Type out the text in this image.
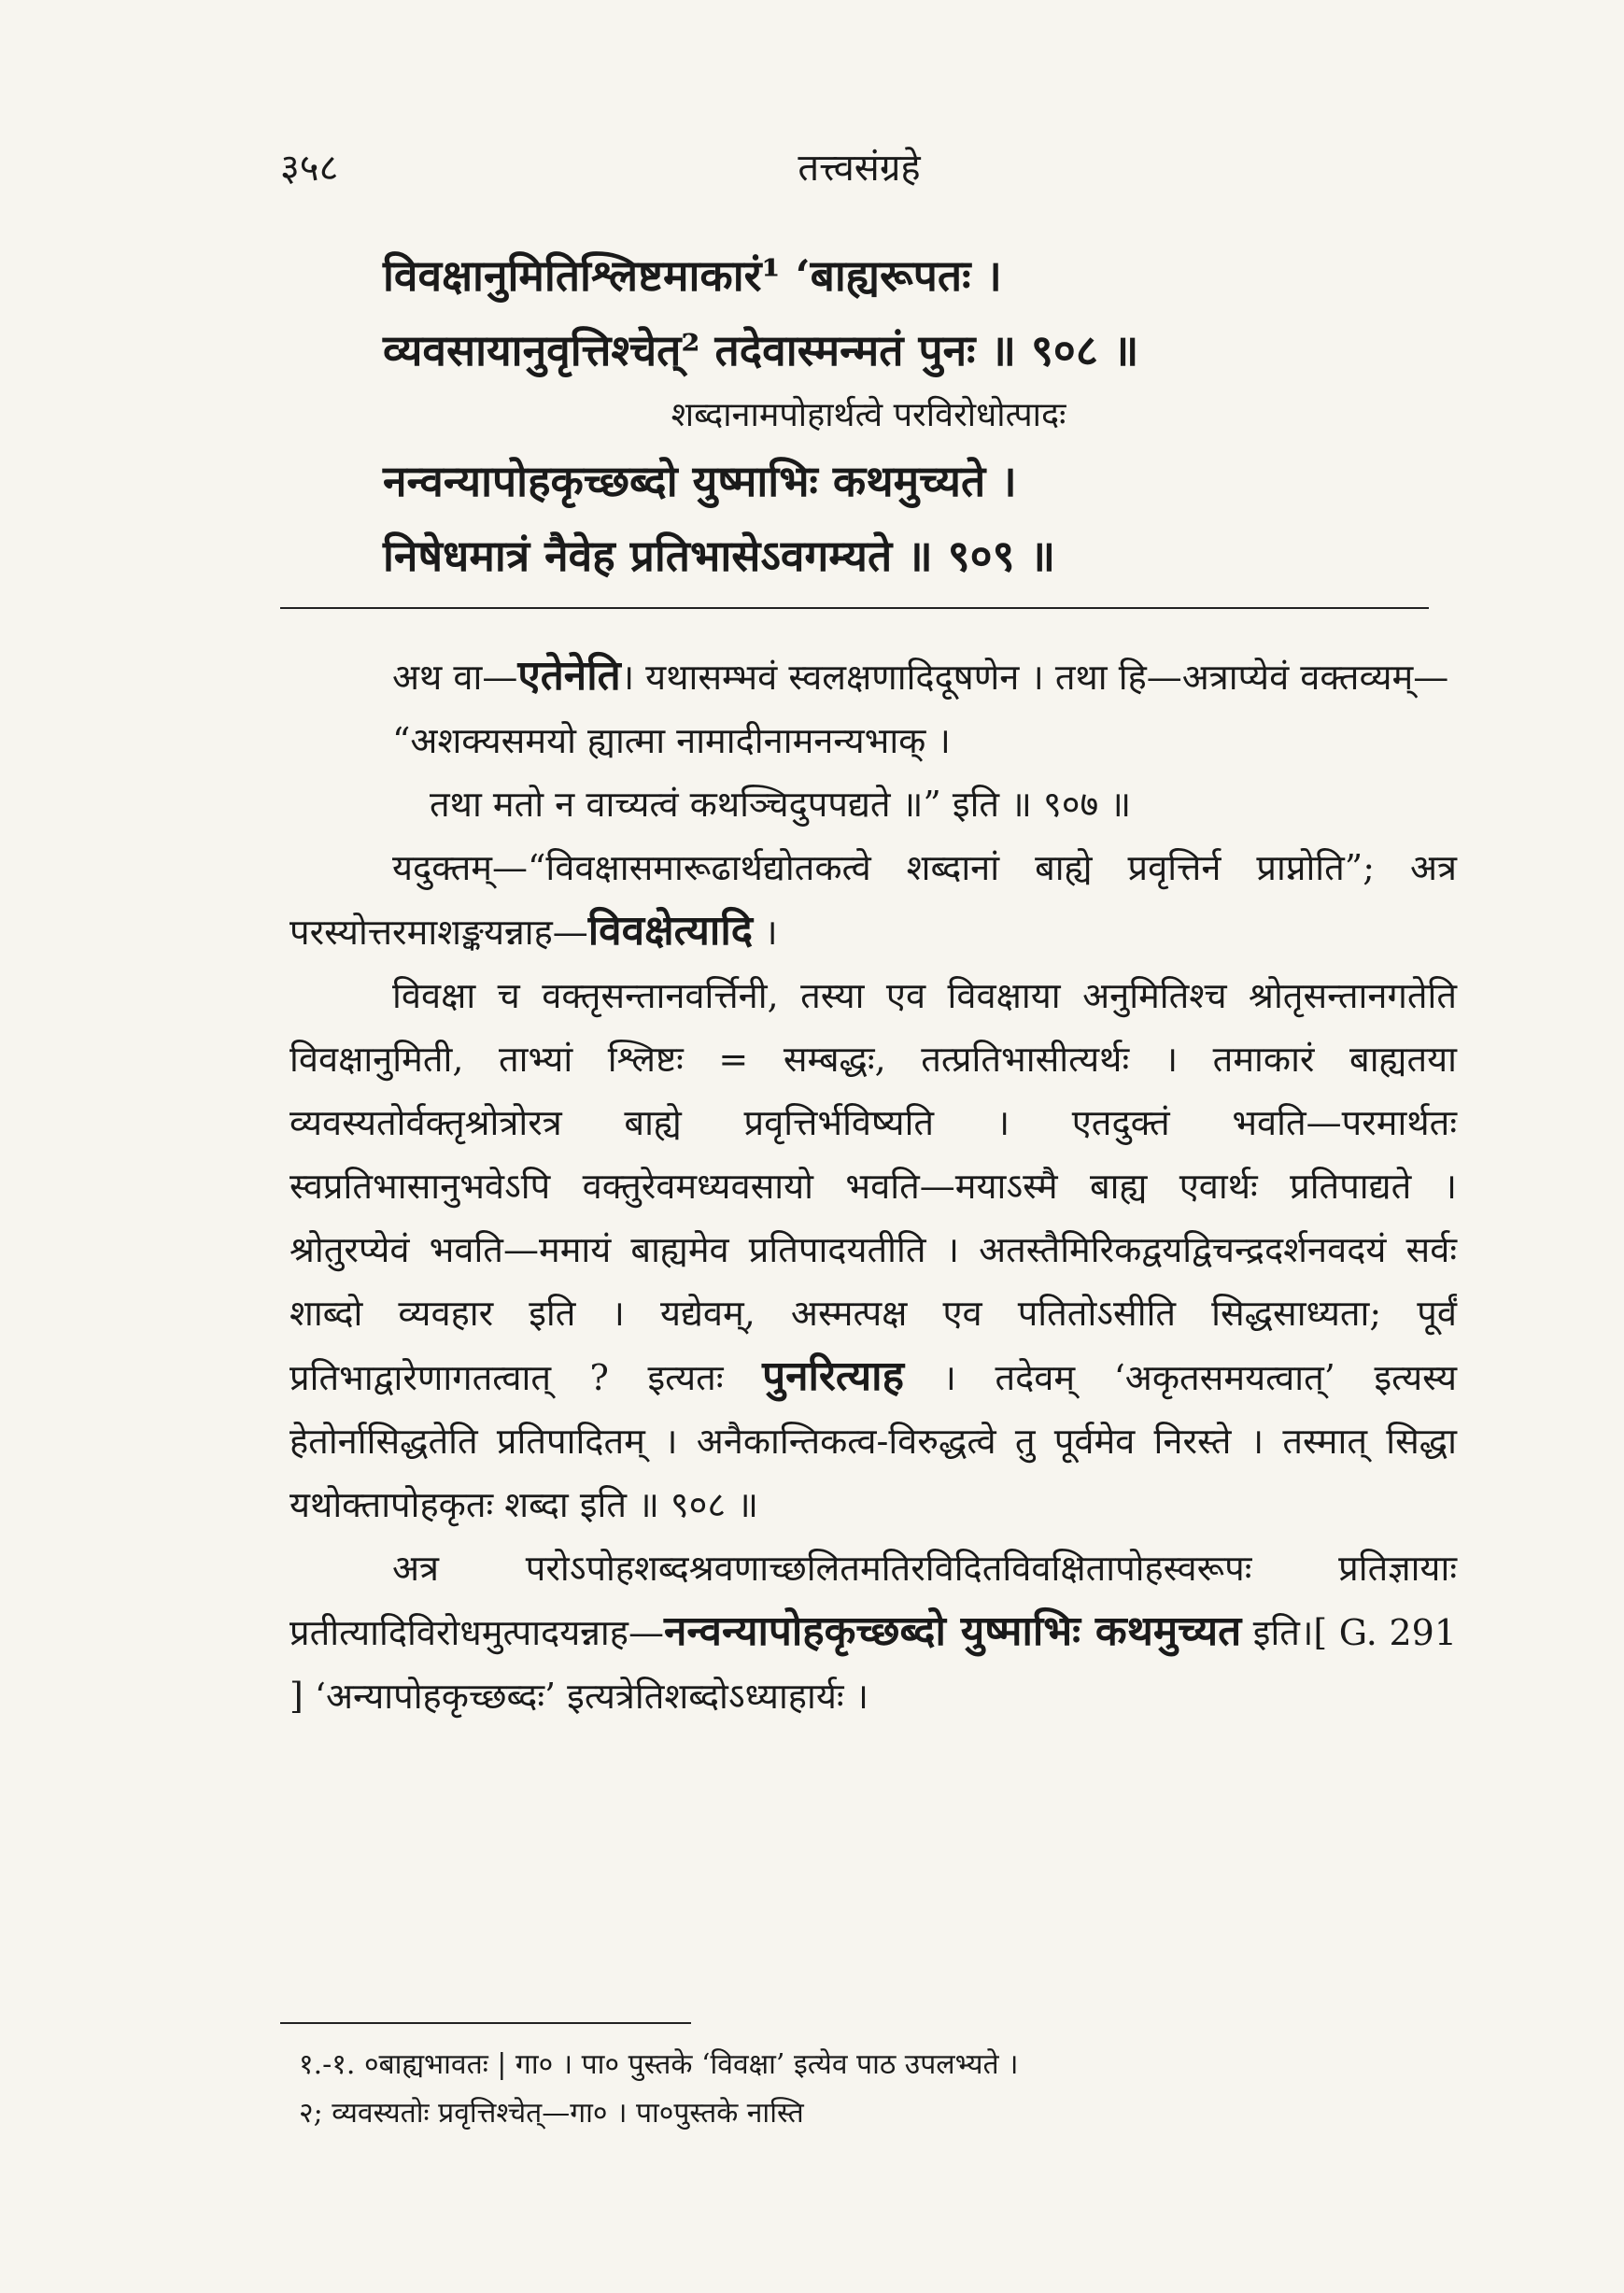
३५८	तत्त्वसंग्रहे
विवक्षानुमितिश्लिष्टमाकारं¹ ‘बाह्यरूपतः ।
व्यवसायानुवृत्तिश्चेत्² तदेवास्मन्मतं पुनः ॥ ९०८ ॥
शब्दानामपोहार्थत्वे परविरोधोत्पादः
नन्वन्यापोहकृच्छब्दो युष्माभिः कथमुच्यते ।
निषेधमात्रं नैवेह प्रतिभासेऽवगम्यते ॥ ९०९ ॥

अथ वा—एतेनेति। यथासम्भवं स्वलक्षणादिदूषणेन । तथा हि—अत्राप्येवं वक्तव्यम्—

“अशक्यसमयो ह्यात्मा नामादीनामनन्यभाक् ।

तथा मतो न वाच्यत्वं कथञ्चिदुपपद्यते ॥” इति ॥ ९०७ ॥

यदुक्तम्—“विवक्षासमारूढार्थद्योतकत्वे शब्दानां बाह्ये प्रवृत्तिर्न प्राप्नोति”; अत्र परस्योत्तरमाशङ्कयन्नाह—विवक्षेत्यादि ।

विवक्षा च वक्तृसन्तानवर्त्तिनी, तस्या एव विवक्षाया अनुमितिश्च श्रोतृसन्तानगतेति विवक्षानुमिती, ताभ्यां श्लिष्टः = सम्बद्धः, तत्प्रतिभासीत्यर्थः । तमाकारं बाह्यतया व्यवस्यतोर्वक्तृश्रोत्रोरत्र बाह्ये प्रवृत्तिर्भविष्यति । एतदुक्तं भवति—परमार्थतः स्वप्रतिभासानुभवेऽपि वक्तुरेवमध्यवसायो भवति—मयाऽस्मै बाह्य एवार्थः प्रतिपाद्यते । श्रोतुरप्येवं भवति—ममायं बाह्यमेव प्रतिपादयतीति । अतस्तैमिरिकद्वयद्विचन्द्रदर्शनवदयं सर्वः शाब्दो व्यवहार इति । यद्येवम्, अस्मत्पक्ष एव पतितोऽसीति सिद्धसाध्यता; पूर्वं प्रतिभाद्वारेणागतत्वात् ? इत्यतः पुनरित्याह । तदेवम् ‘अकृतसमयत्वात्’ इत्यस्य हेतोर्नासिद्धतेति प्रतिपादितम् । अनैकान्तिकत्व-विरुद्धत्वे तु पूर्वमेव निरस्ते । तस्मात् सिद्धा यथोक्तापोहकृतः शब्दा इति ॥ ९०८ ॥

अत्र परोऽपोहशब्दश्रवणाच्छलितमतिरविदितविवक्षितापोहस्वरूपः प्रतिज्ञायाः प्रतीत्यादिविरोधमुत्पादयन्नाह—नन्वन्यापोहकृच्छब्दो युष्माभिः कथमुच्यत इति।[ G. 291 ] ‘अन्यापोहकृच्छब्दः’ इत्यत्रेतिशब्दोऽध्याहार्यः ।

१.-१. ०बाह्यभावतः | गा० । पा० पुस्तके ‘विवक्षा’ इत्येव पाठ उपलभ्यते ।

२; व्यवस्यतोः प्रवृत्तिश्चेत्—गा० । पा०पुस्तके नास्ति
